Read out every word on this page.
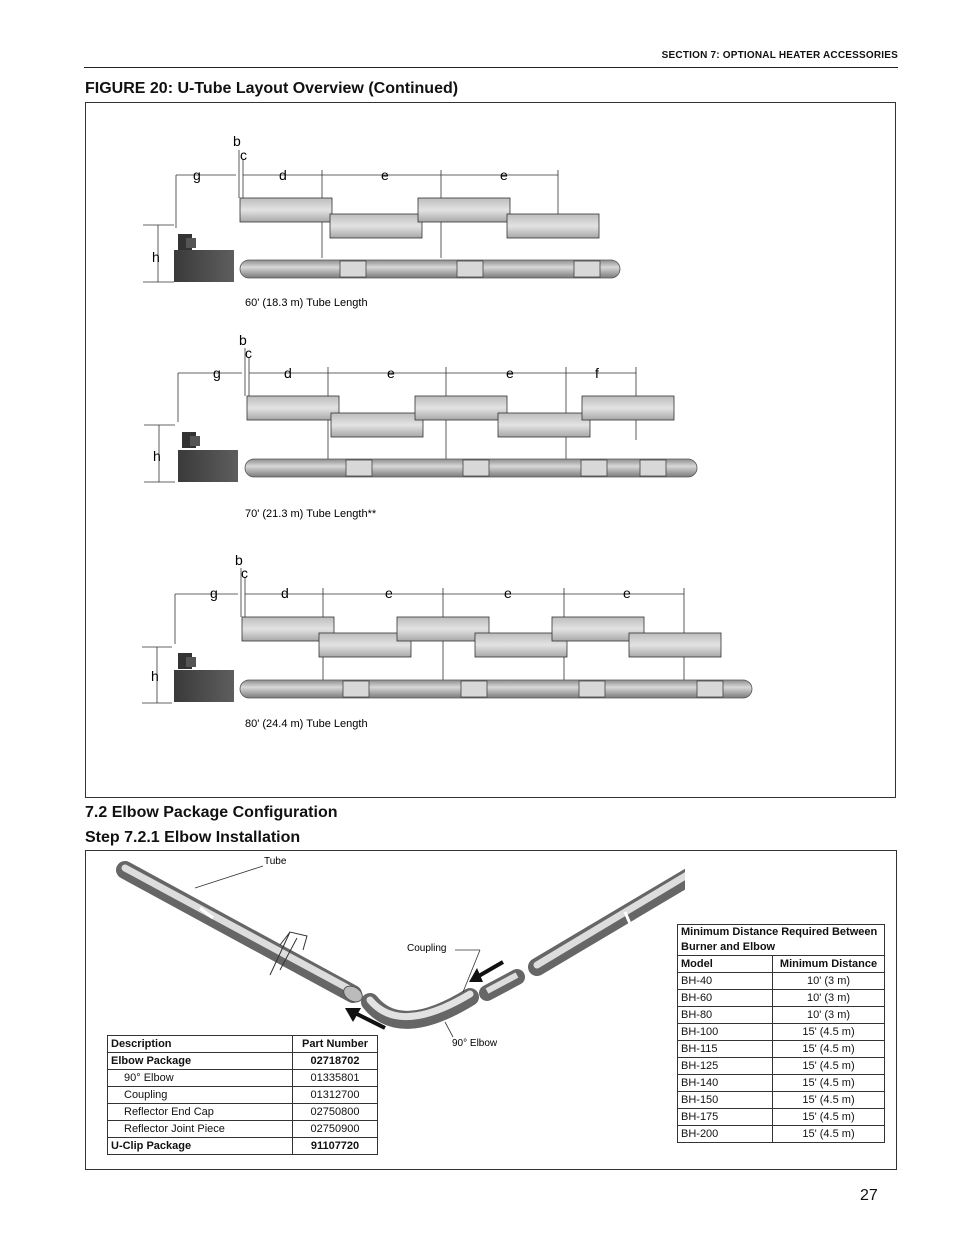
SECTION 7: OPTIONAL HEATER ACCESSORIES
FIGURE 20: U-Tube Layout Overview (Continued)
b
c
g	d	e	e
h
60' (18.3 m) Tube Length
b
c
g	d	e	e	f
h
70' (21.3 m) Tube Length**
b
c
g	d	e	e	e
h
80' (24.4 m) Tube Length
7.2 Elbow Package Configuration
Step 7.2.1 Elbow Installation
Tube
Coupling
90° Elbow
Description	Part Number
Elbow Package	02718702
90° Elbow	01335801
Coupling	01312700
Reflector End Cap	02750800
Reflector Joint Piece	02750900
U-Clip Package	91107720
Minimum Distance Required Between Burner and Elbow	
Model	Minimum Distance
BH-40	10' (3 m)
BH-60	10' (3 m)
BH-80	10' (3 m)
BH-100	15' (4.5 m)
BH-115	15' (4.5 m)
BH-125	15' (4.5 m)
BH-140	15' (4.5 m)
BH-150	15' (4.5 m)
BH-175	15' (4.5 m)
BH-200	15' (4.5 m)
27
